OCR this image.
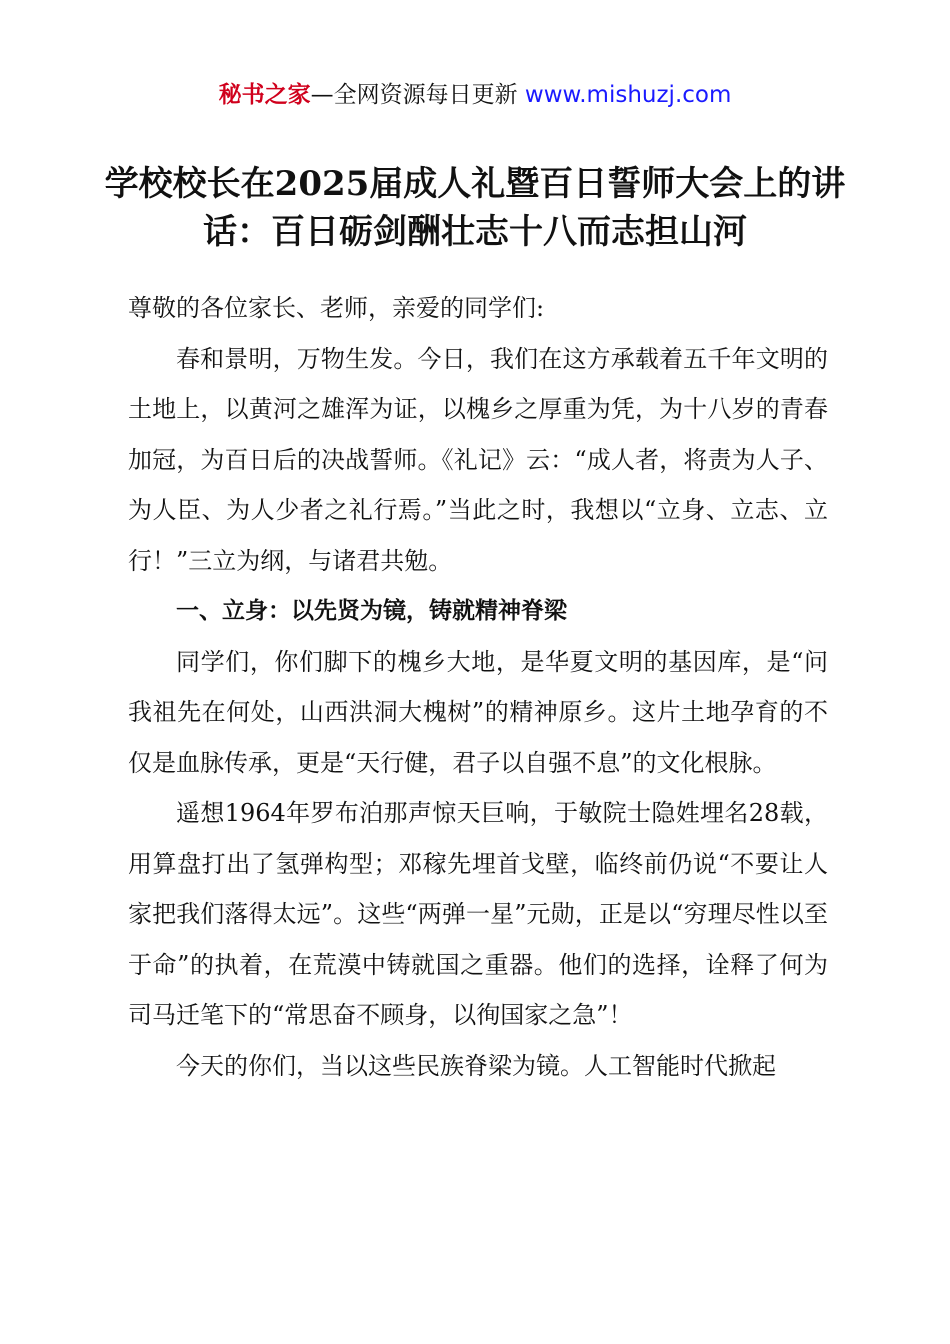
秘书之家—全网资源每日更新 www.mishuzj.com
学校校长在2025届成人礼暨百日誓师大会上的讲话：百日砺剑酬壮志十八而志担山河

尊敬的各位家长、老师，亲爱的同学们:

春和景明，万物生发。今日，我们在这方承载着五千年文明的土地上，以黄河之雄浑为证，以槐乡之厚重为凭，为十八岁的青春加冠，为百日后的决战誓师。《礼记》云：“成人者，将责为人子、为人臣、为人少者之礼行焉。”当此之时，我想以“立身、立志、立行！”三立为纲，与诸君共勉。

一、立身：以先贤为镜，铸就精神脊梁

同学们，你们脚下的槐乡大地，是华夏文明的基因库，是“问我祖先在何处，山西洪洞大槐树”的精神原乡。这片土地孕育的不仅是血脉传承，更是“天行健，君子以自强不息”的文化根脉。

遥想1964年罗布泊那声惊天巨响，于敏院士隐姓埋名28载，用算盘打出了氢弹构型；邓稼先埋首戈壁，临终前仍说“不要让人家把我们落得太远”。这些“两弹一星”元勋，正是以“穷理尽性以至于命”的执着，在荒漠中铸就国之重器。他们的选择，诠释了何为司马迁笔下的“常思奋不顾身，以徇国家之急”！

今天的你们，当以这些民族脊梁为镜。人工智能时代掀起
